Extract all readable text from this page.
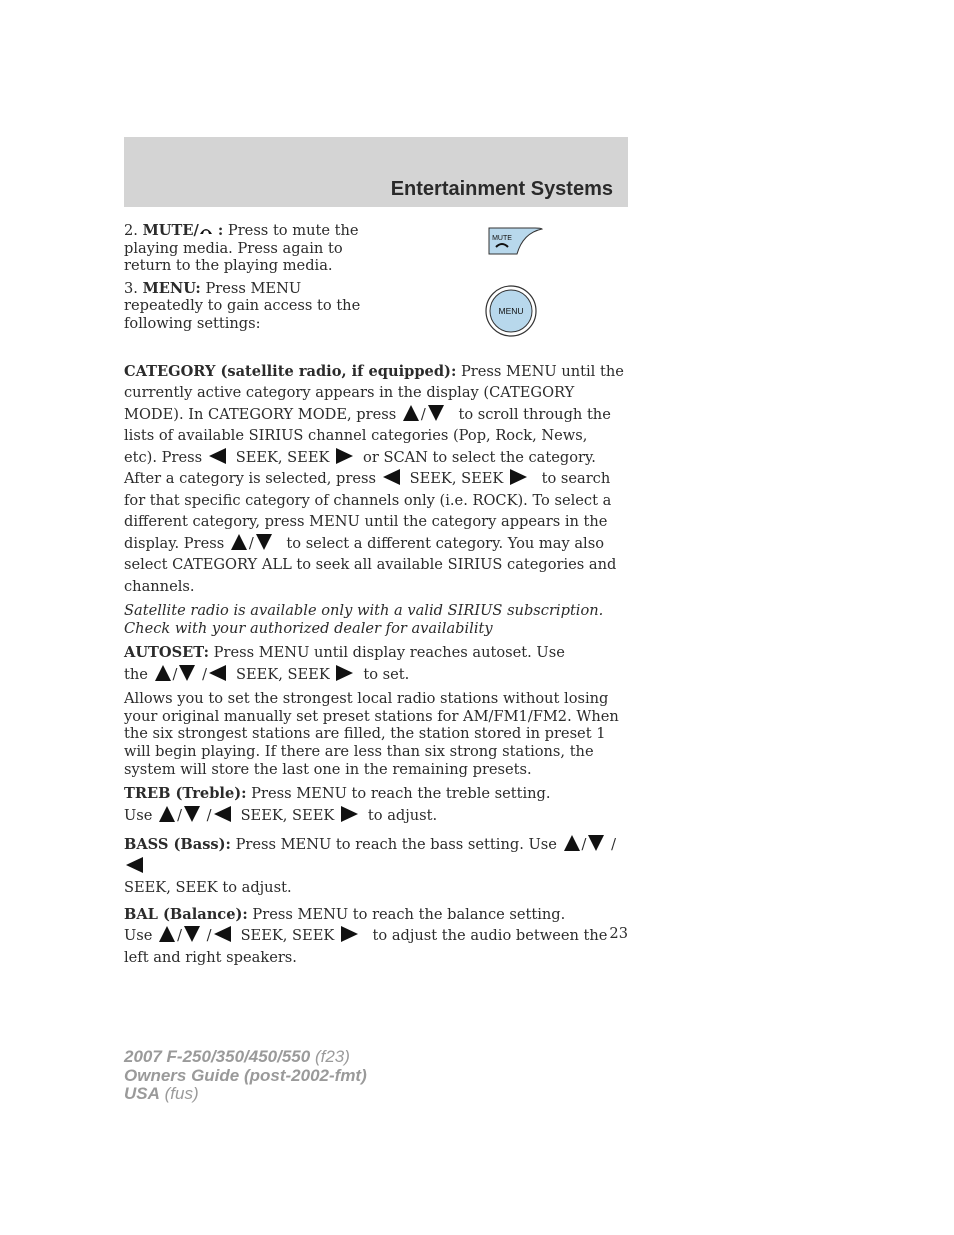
Entertainment Systems
MUTE
MENU

2. MUTE/ : Press to mute the playing media. Press again to return to the playing media.

3. MENU: Press MENU repeatedly to gain access to the following settings:

CATEGORY (satellite radio, if equipped): Press MENU until the currently active category appears in the display (CATEGORY MODE). In CATEGORY MODE, press / to scroll through the lists of available SIRIUS channel categories (Pop, Rock, News, etc). Press SEEK, SEEK or SCAN to select the category. After a category is selected, press SEEK, SEEK	to search for that specific category of channels only (i.e. ROCK). To select a different category, press MENU until the category appears in the display. Press / to select a different category. You may also select CATEGORY ALL to seek all available SIRIUS categories and channels.

Satellite radio is available only with a valid SIRIUS subscription. Check with your authorized dealer for availability

AUTOSET: Press MENU until display reaches autoset. Use
the / / SEEK, SEEK to set.

Allows you to set the strongest local radio stations without losing your original manually set preset stations for AM/FM1/FM2. When the six strongest stations are filled, the station stored in preset 1 will begin playing. If there are less than six strong stations, the system will store the last one in the remaining presets.

TREB (Treble): Press MENU to reach the treble setting.
Use / / SEEK, SEEK to adjust.

BASS (Bass): Press MENU to reach the bass setting. Use / /
SEEK, SEEK to adjust.

BAL (Balance): Press MENU to reach the balance setting.
Use / / SEEK, SEEK	to adjust the audio between the left and right speakers.

23
2007 F-250/350/450/550 (f23)
Owners Guide (post-2002-fmt)
USA (fus)
